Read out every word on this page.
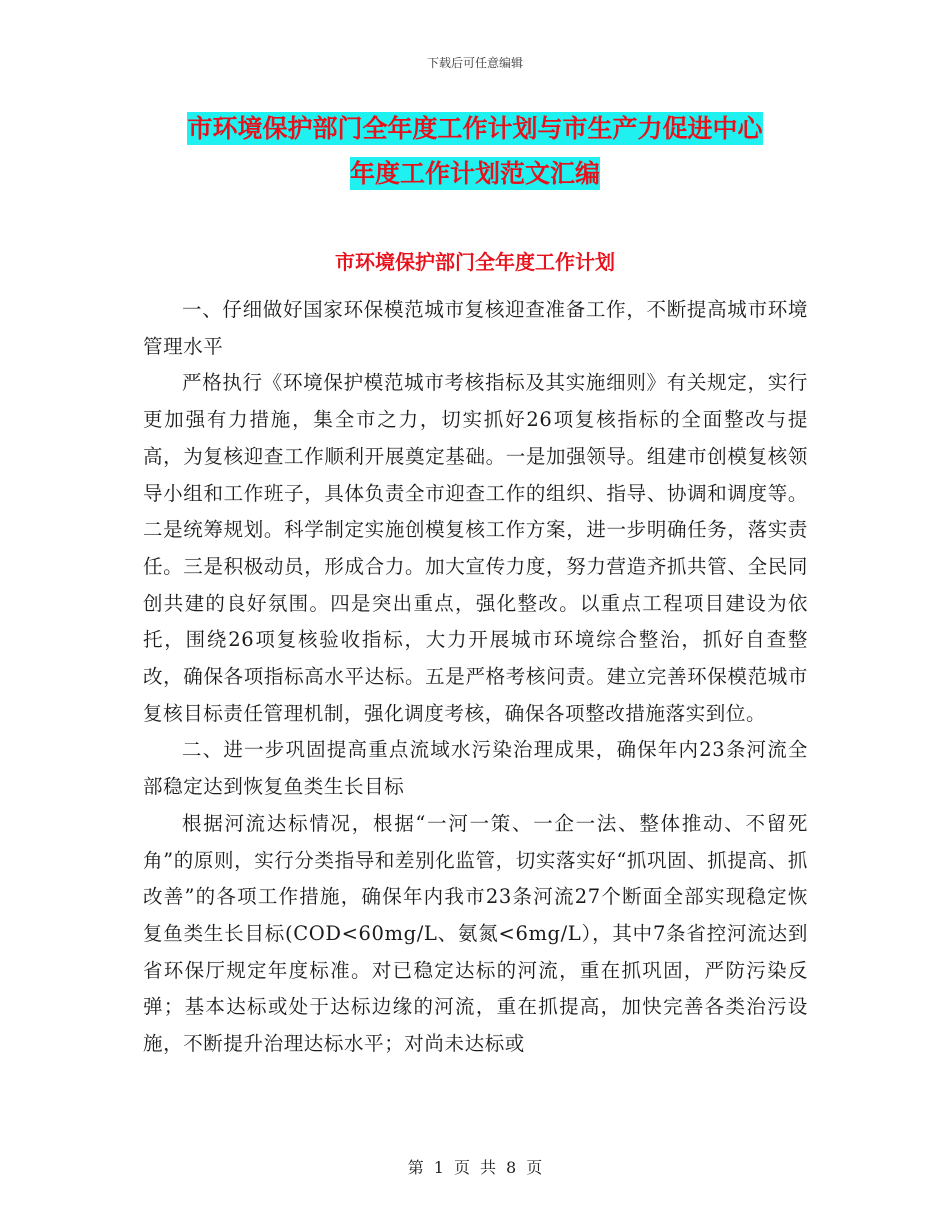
下载后可任意编辑
市环境保护部门全年度工作计划与市生产力促进中心
年度工作计划范文汇编
市环境保护部门全年度工作计划

一、仔细做好国家环保模范城市复核迎查准备工作，不断提高城市环境管理水平

严格执行《环境保护模范城市考核指标及其实施细则》有关规定，实行更加强有力措施，集全市之力，切实抓好26项复核指标的全面整改与提高，为复核迎查工作顺利开展奠定基础。一是加强领导。组建市创模复核领导小组和工作班子，具体负责全市迎查工作的组织、指导、协调和调度等。二是统筹规划。科学制定实施创模复核工作方案，进一步明确任务，落实责任。三是积极动员，形成合力。加大宣传力度，努力营造齐抓共管、全民同创共建的良好氛围。四是突出重点，强化整改。以重点工程项目建设为依托，围绕26项复核验收指标，大力开展城市环境综合整治，抓好自查整改，确保各项指标高水平达标。五是严格考核问责。建立完善环保模范城市复核目标责任管理机制，强化调度考核，确保各项整改措施落实到位。

二、进一步巩固提高重点流域水污染治理成果，确保年内23条河流全部稳定达到恢复鱼类生长目标

根据河流达标情况，根据“一河一策、一企一法、整体推动、不留死角”的原则，实行分类指导和差别化监管，切实落实好“抓巩固、抓提高、抓改善”的各项工作措施，确保年内我市23条河流27个断面全部实现稳定恢复鱼类生长目标(COD<60mg/L、氨氮<6mg/L），其中7条省控河流达到省环保厅规定年度标准。对已稳定达标的河流，重在抓巩固，严防污染反弹；基本达标或处于达标边缘的河流，重在抓提高，加快完善各类治污设施，不断提升治理达标水平；对尚未达标或

第 1 页 共 8 页
